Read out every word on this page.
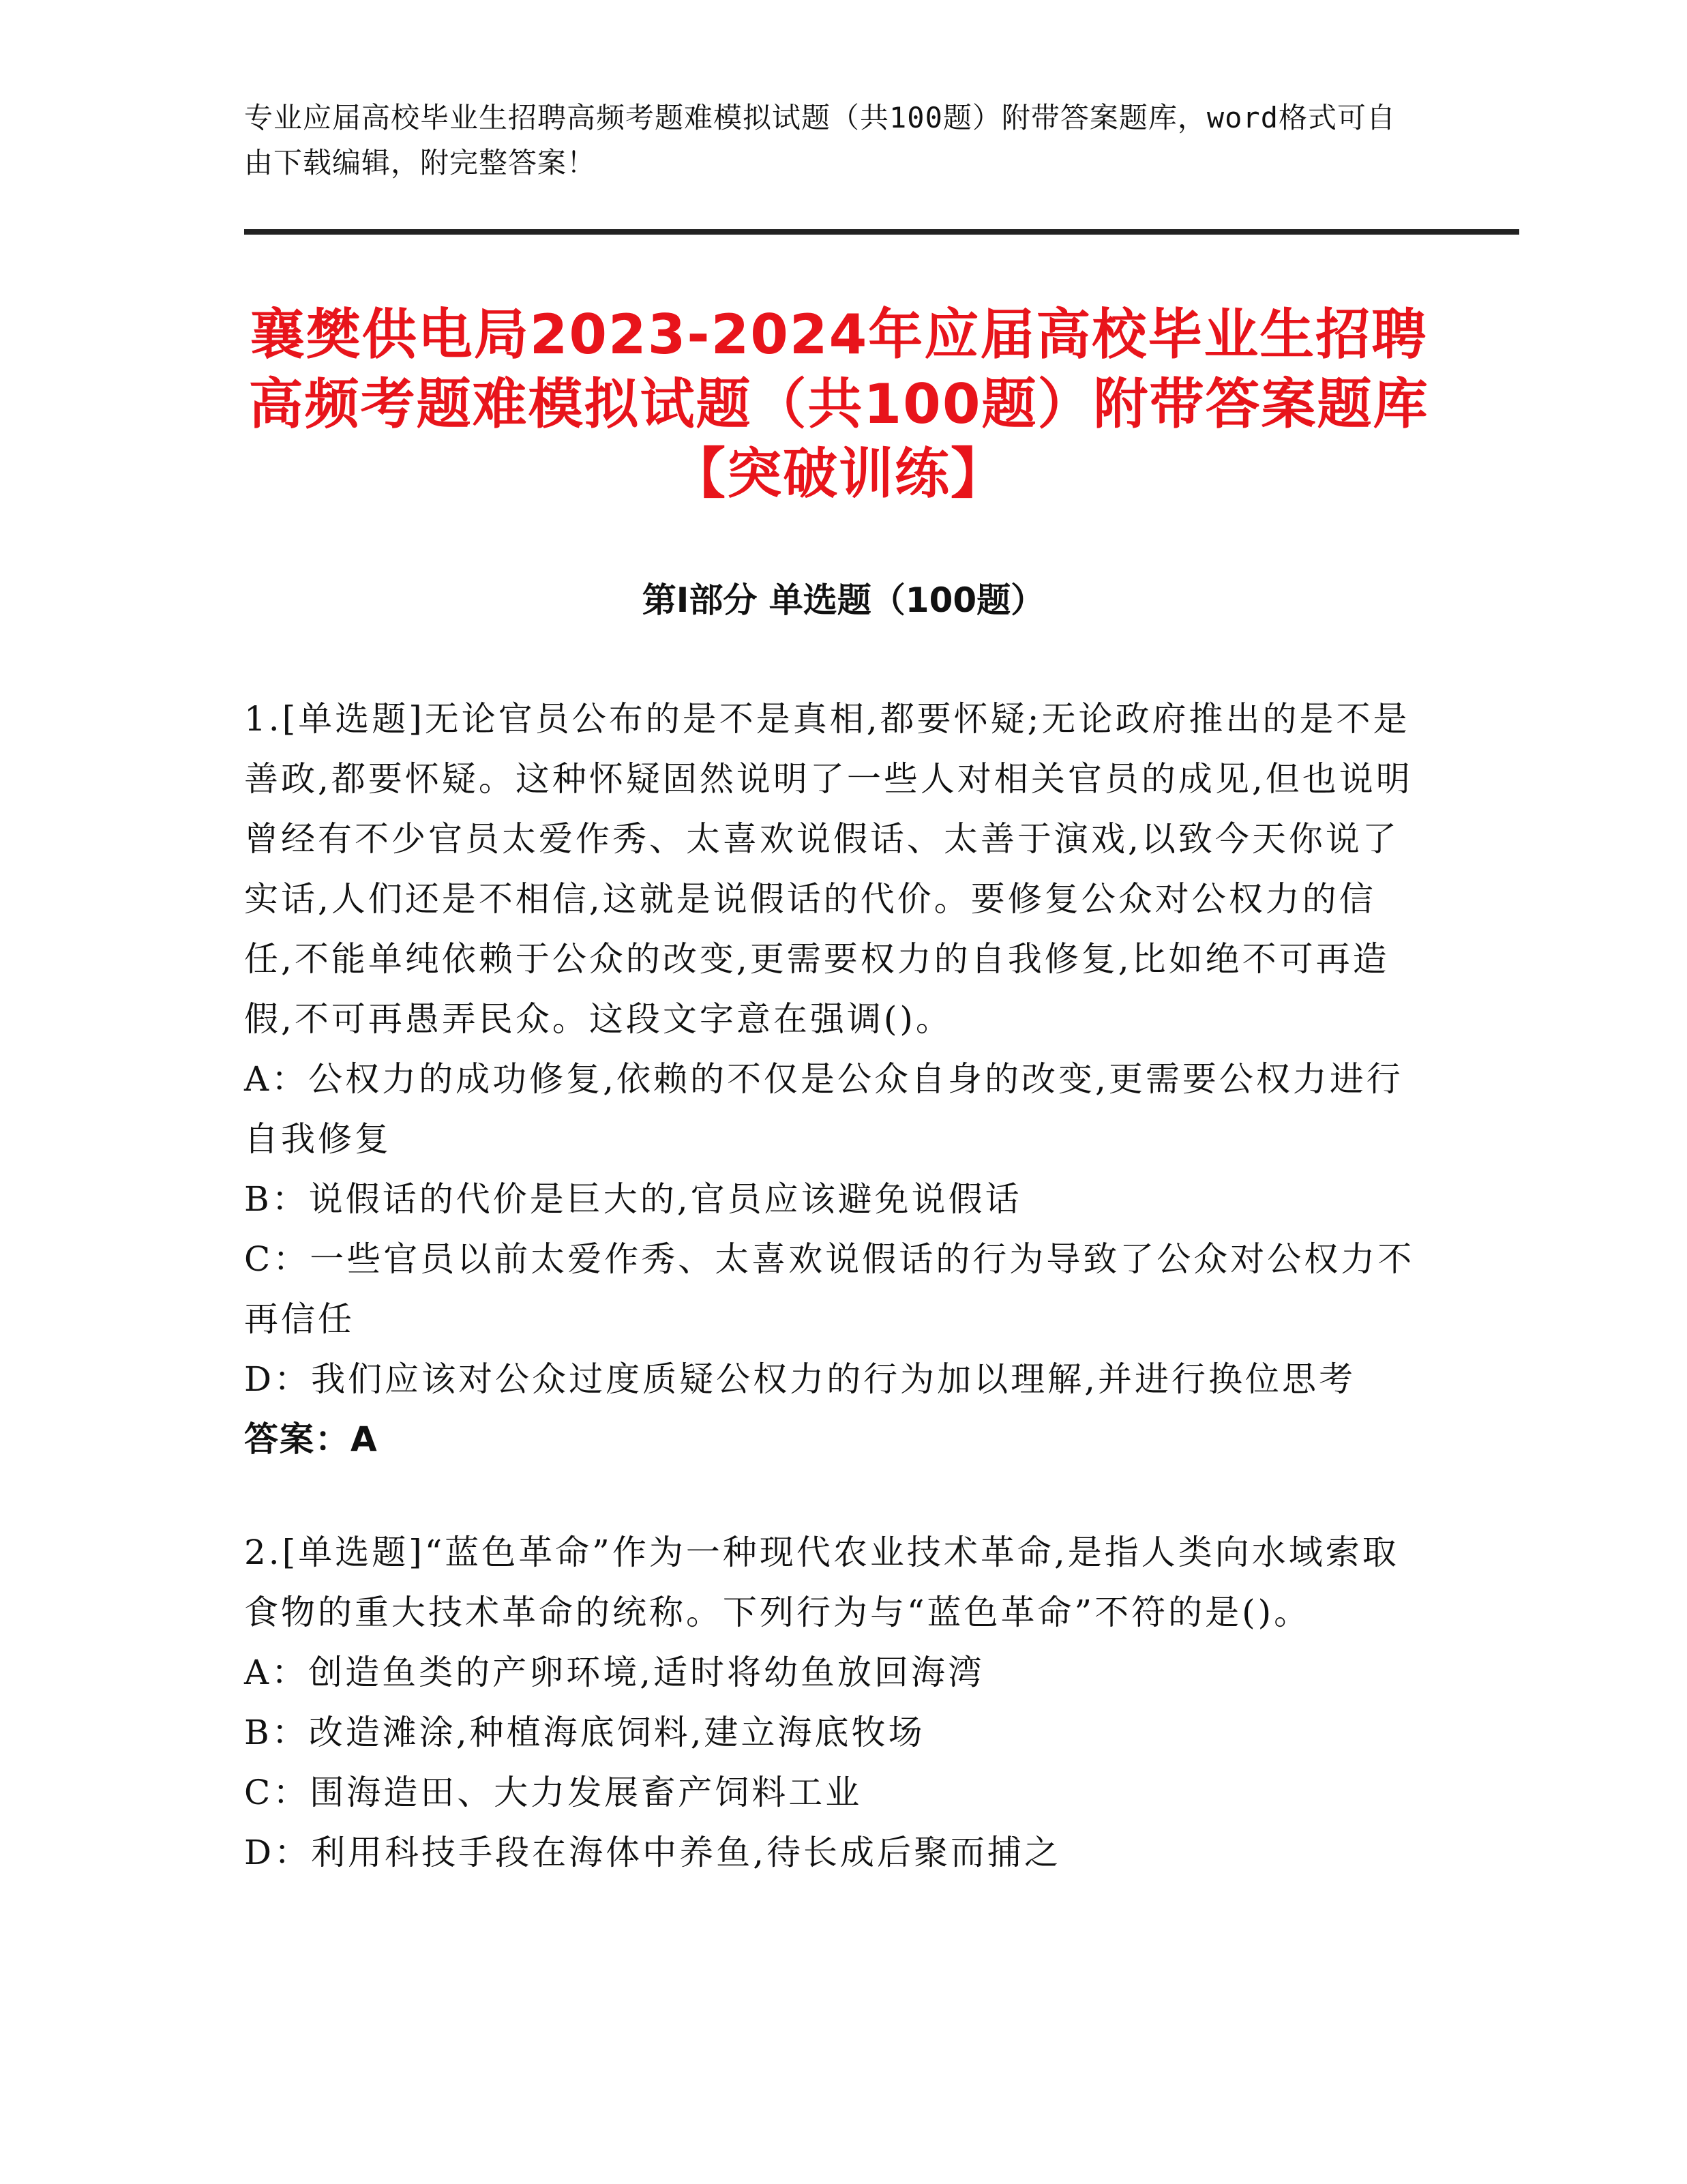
专业应届高校毕业生招聘高频考题难模拟试题（共100题）附带答案题库，word格式可自由下载编辑，附完整答案！
襄樊供电局2023-2024年应届高校毕业生招聘高频考题难模拟试题（共100题）附带答案题库【突破训练】
第Ⅰ部分 单选题（100题）

1.[单选题]无论官员公布的是不是真相,都要怀疑;无论政府推出的是不是善政,都要怀疑。这种怀疑固然说明了一些人对相关官员的成见,但也说明曾经有不少官员太爱作秀、太喜欢说假话、太善于演戏,以致今天你说了实话,人们还是不相信,这就是说假话的代价。要修复公众对公权力的信任,不能单纯依赖于公众的改变,更需要权力的自我修复,比如绝不可再造假,不可再愚弄民众。这段文字意在强调()。

A：公权力的成功修复,依赖的不仅是公众自身的改变,更需要公权力进行自我修复

B：说假话的代价是巨大的,官员应该避免说假话

C：一些官员以前太爱作秀、太喜欢说假话的行为导致了公众对公权力不再信任

D：我们应该对公众过度质疑公权力的行为加以理解,并进行换位思考

答案：A

2.[单选题]“蓝色革命”作为一种现代农业技术革命,是指人类向水域索取食物的重大技术革命的统称。下列行为与“蓝色革命”不符的是()。

A：创造鱼类的产卵环境,适时将幼鱼放回海湾

B：改造滩涂,种植海底饲料,建立海底牧场

C：围海造田、大力发展畜产饲料工业

D：利用科技手段在海体中养鱼,待长成后聚而捕之
